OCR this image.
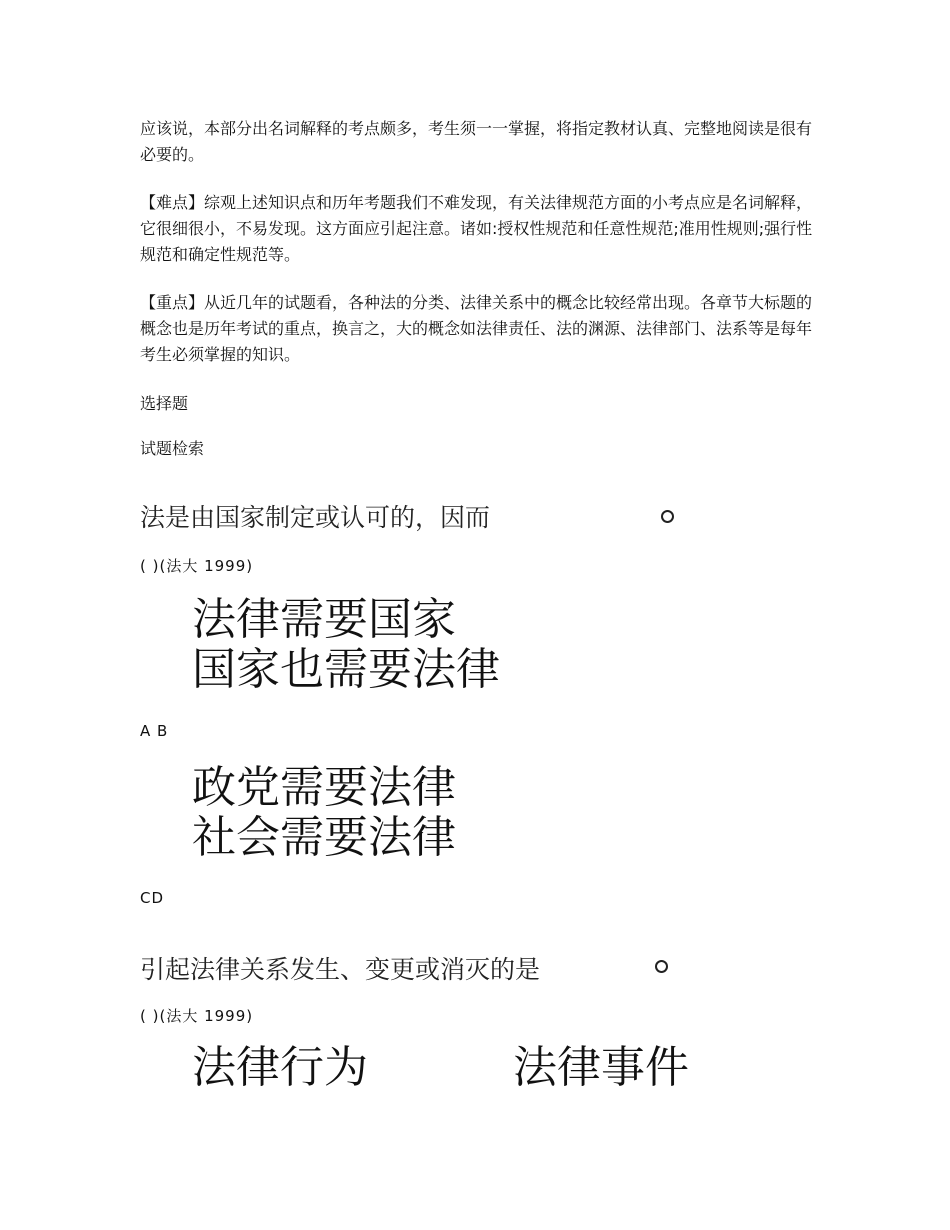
应该说，本部分出名词解释的考点颇多，考生须一一掌握，将指定教材认真、完整地阅读是很有必要的。

【难点】综观上述知识点和历年考题我们不难发现，有关法律规范方面的小考点应是名词解释，它很细很小，不易发现。这方面应引起注意。诸如:授权性规范和任意性规范;准用性规则;强行性规范和确定性规范等。

【重点】从近几年的试题看，各种法的分类、法律关系中的概念比较经常出现。各章节大标题的概念也是历年考试的重点，换言之，大的概念如法律责任、法的渊源、法律部门、法系等是每年考生必须掌握的知识。

选择题

试题检索

法是由国家制定或认可的，因而

( )(法大 1999)

法律需要国家

国家也需要法律

A B

政党需要法律

社会需要法律

CD

引起法律关系发生、变更或消灭的是

( )(法大 1999)

法律行为	法律事件
